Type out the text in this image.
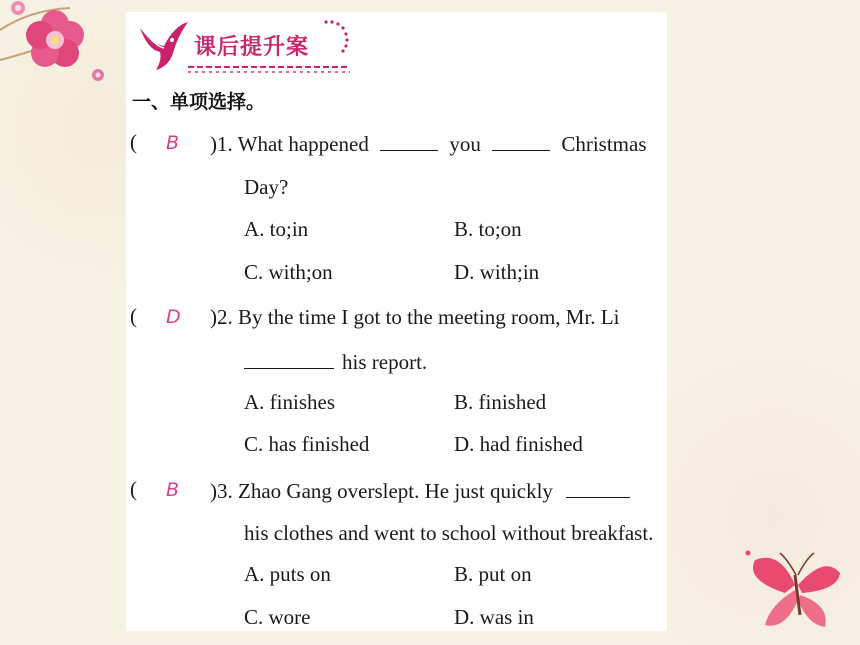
课后提升案
一、单项选择。
( B )1. What happened	you	Christmas
Day?
A. to;in	B. to;on
C. with;on	D. with;in
( D )2. By the time I got to the meeting room, Mr. Li
his report.
A. finishes	B. finished
C. has finished	D. had finished
( B )3. Zhao Gang overslept. He just quickly
his clothes and went to school without breakfast.
A. puts on	B. put on
C. wore	D. was in
